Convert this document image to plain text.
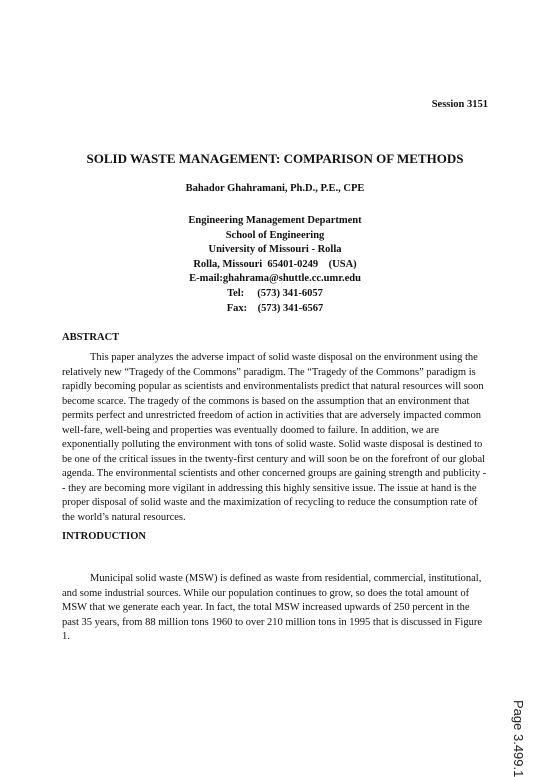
Session 3151
SOLID WASTE MANAGEMENT: COMPARISON OF METHODS
Bahador Ghahramani, Ph.D., P.E., CPE
Engineering Management Department
School of Engineering
University of Missouri - Rolla
Rolla, Missouri  65401-0249    (USA)
E-mail:ghahrama@shuttle.cc.umr.edu
Tel:     (573) 341-6057
Fax:    (573) 341-6567
ABSTRACT
This paper analyzes the adverse impact of solid waste disposal on the environment using the relatively new “Tragedy of the Commons” paradigm. The “Tragedy of the Commons” paradigm is rapidly becoming popular as scientists and environmentalists predict that natural resources will soon become scarce. The tragedy of the commons is based on the assumption that an environment that permits perfect and unrestricted freedom of action in activities that are adversely impacted common well-fare, well-being and properties was eventually doomed to failure. In addition, we are exponentially polluting the environment with tons of solid waste. Solid waste disposal is destined to be one of the critical issues in the twenty-first century and will soon be on the forefront of our global agenda. The environmental scientists and other concerned groups are gaining strength and publicity -- they are becoming more vigilant in addressing this highly sensitive issue. The issue at hand is the proper disposal of solid waste and the maximization of recycling to reduce the consumption rate of the world’s natural resources.
INTRODUCTION
Municipal solid waste (MSW) is defined as waste from residential, commercial, institutional, and some industrial sources. While our population continues to grow, so does the total amount of MSW that we generate each year. In fact, the total MSW increased upwards of 250 percent in the past 35 years, from 88 million tons 1960 to over 210 million tons in 1995 that is discussed in Figure 1.
Page 3.499.1
